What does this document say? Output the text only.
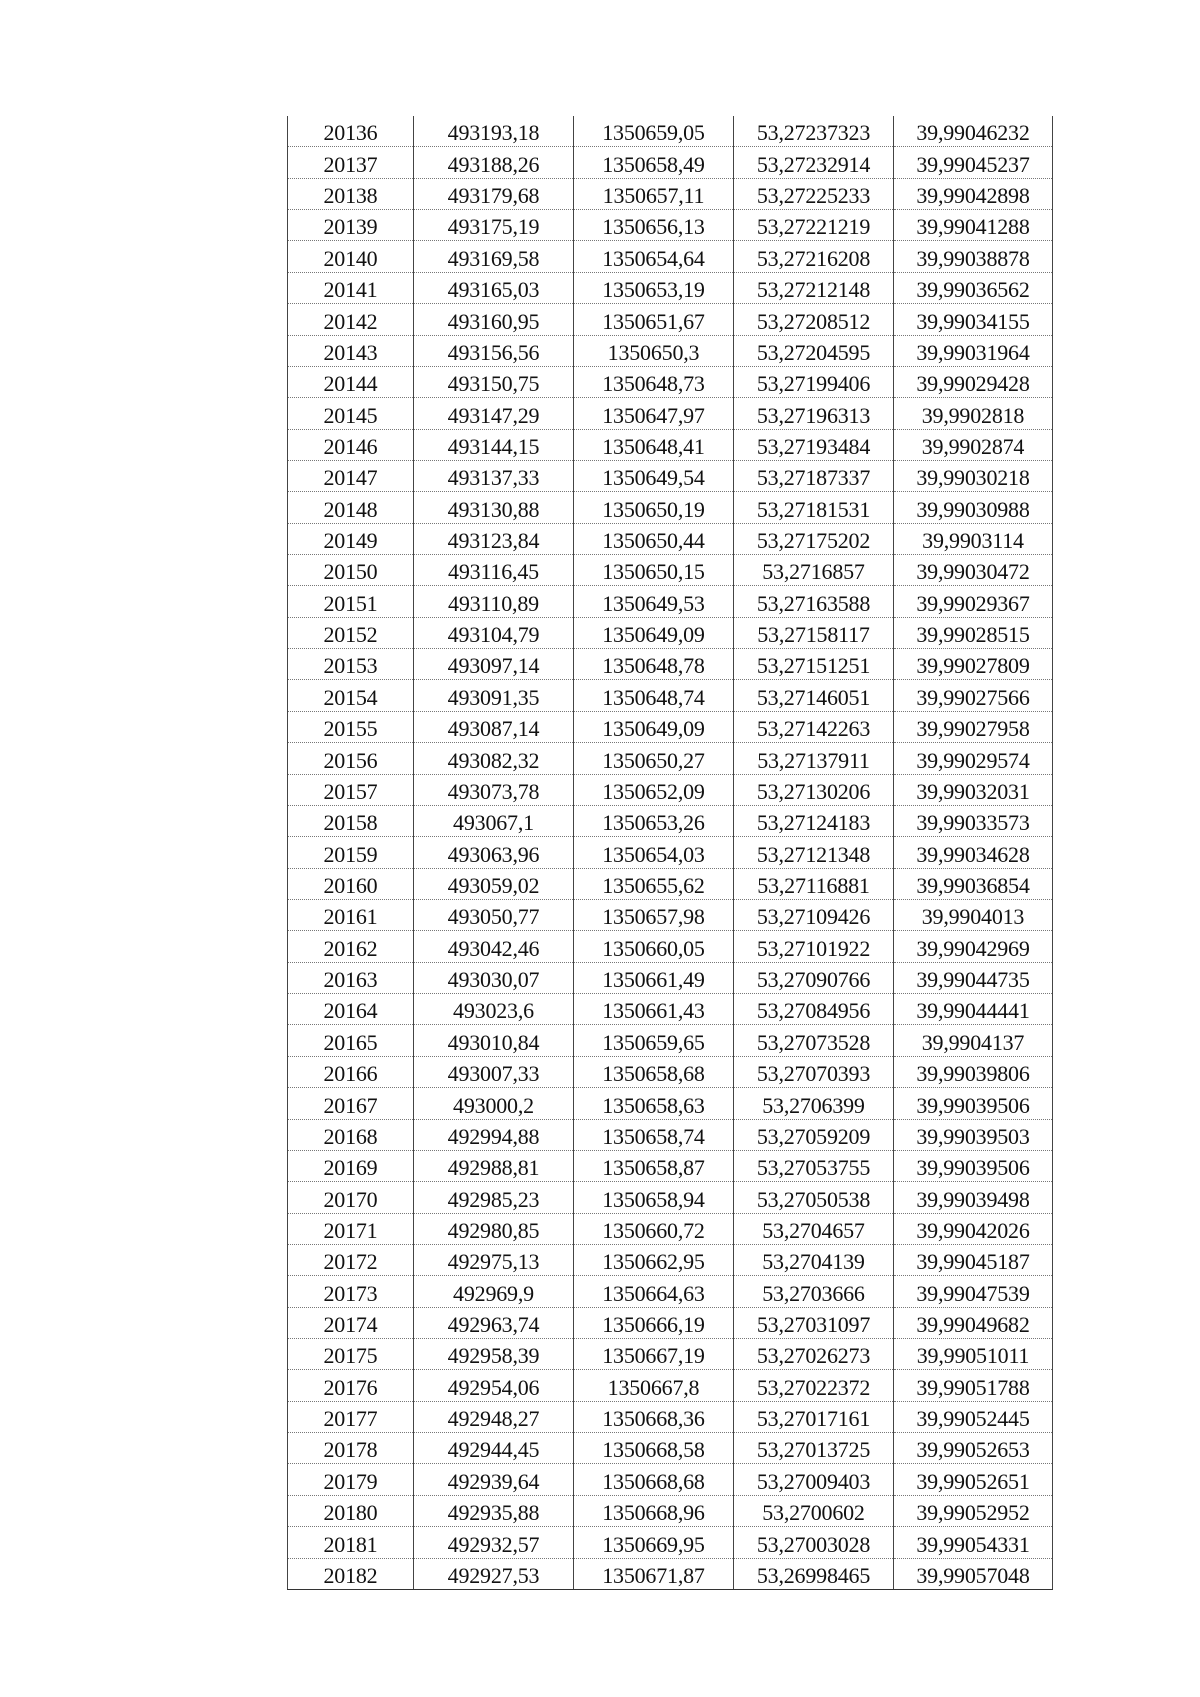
20136	493193,18	1350659,05	53,27237323	39,99046232
20137	493188,26	1350658,49	53,27232914	39,99045237
20138	493179,68	1350657,11	53,27225233	39,99042898
20139	493175,19	1350656,13	53,27221219	39,99041288
20140	493169,58	1350654,64	53,27216208	39,99038878
20141	493165,03	1350653,19	53,27212148	39,99036562
20142	493160,95	1350651,67	53,27208512	39,99034155
20143	493156,56	1350650,3	53,27204595	39,99031964
20144	493150,75	1350648,73	53,27199406	39,99029428
20145	493147,29	1350647,97	53,27196313	39,9902818
20146	493144,15	1350648,41	53,27193484	39,9902874
20147	493137,33	1350649,54	53,27187337	39,99030218
20148	493130,88	1350650,19	53,27181531	39,99030988
20149	493123,84	1350650,44	53,27175202	39,9903114
20150	493116,45	1350650,15	53,2716857	39,99030472
20151	493110,89	1350649,53	53,27163588	39,99029367
20152	493104,79	1350649,09	53,27158117	39,99028515
20153	493097,14	1350648,78	53,27151251	39,99027809
20154	493091,35	1350648,74	53,27146051	39,99027566
20155	493087,14	1350649,09	53,27142263	39,99027958
20156	493082,32	1350650,27	53,27137911	39,99029574
20157	493073,78	1350652,09	53,27130206	39,99032031
20158	493067,1	1350653,26	53,27124183	39,99033573
20159	493063,96	1350654,03	53,27121348	39,99034628
20160	493059,02	1350655,62	53,27116881	39,99036854
20161	493050,77	1350657,98	53,27109426	39,9904013
20162	493042,46	1350660,05	53,27101922	39,99042969
20163	493030,07	1350661,49	53,27090766	39,99044735
20164	493023,6	1350661,43	53,27084956	39,99044441
20165	493010,84	1350659,65	53,27073528	39,9904137
20166	493007,33	1350658,68	53,27070393	39,99039806
20167	493000,2	1350658,63	53,2706399	39,99039506
20168	492994,88	1350658,74	53,27059209	39,99039503
20169	492988,81	1350658,87	53,27053755	39,99039506
20170	492985,23	1350658,94	53,27050538	39,99039498
20171	492980,85	1350660,72	53,2704657	39,99042026
20172	492975,13	1350662,95	53,2704139	39,99045187
20173	492969,9	1350664,63	53,2703666	39,99047539
20174	492963,74	1350666,19	53,27031097	39,99049682
20175	492958,39	1350667,19	53,27026273	39,99051011
20176	492954,06	1350667,8	53,27022372	39,99051788
20177	492948,27	1350668,36	53,27017161	39,99052445
20178	492944,45	1350668,58	53,27013725	39,99052653
20179	492939,64	1350668,68	53,27009403	39,99052651
20180	492935,88	1350668,96	53,2700602	39,99052952
20181	492932,57	1350669,95	53,27003028	39,99054331
20182	492927,53	1350671,87	53,26998465	39,99057048
